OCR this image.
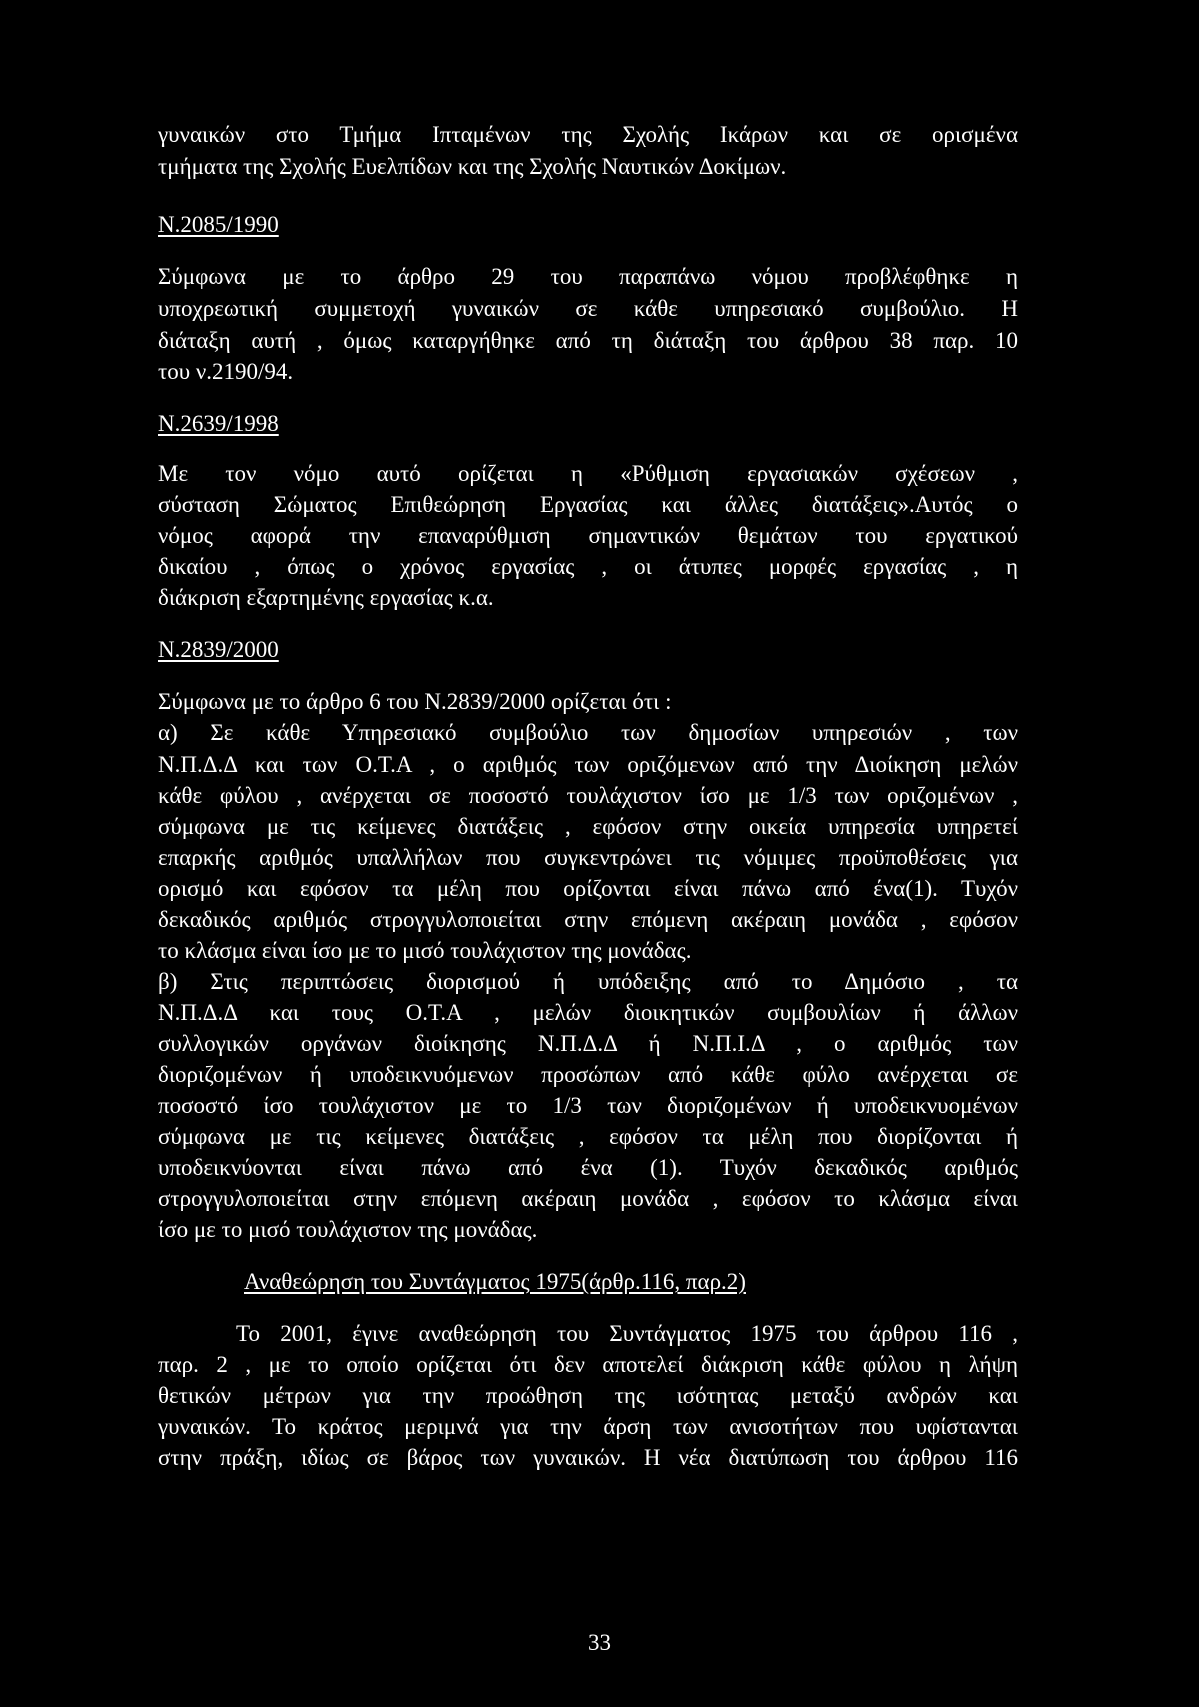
γυναικών στο Τμήμα Ιπταμένων της Σχολής Ικάρων και σε ορισμένα
τμήματα της Σχολής Ευελπίδων και της Σχολής Ναυτικών Δοκίμων.
Ν.2085/1990
Σύμφωνα με το άρθρο 29 του παραπάνω νόμου προβλέφθηκε η
υποχρεωτική συμμετοχή γυναικών σε κάθε υπηρεσιακό συμβούλιο. Η
διάταξη αυτή , όμως καταργήθηκε από τη διάταξη του άρθρου 38 παρ. 10
του ν.2190/94.
Ν.2639/1998
Με τον νόμο αυτό ορίζεται η «Ρύθμιση εργασιακών σχέσεων ,
σύσταση Σώματος Επιθεώρηση Εργασίας και άλλες διατάξεις».Αυτός ο
νόμος αφορά την επαναρύθμιση σημαντικών θεμάτων του εργατικού
δικαίου , όπως ο χρόνος εργασίας , οι άτυπες μορφές εργασίας , η
διάκριση εξαρτημένης εργασίας κ.α.
Ν.2839/2000
Σύμφωνα με το άρθρο 6 του Ν.2839/2000 ορίζεται ότι :
α) Σε κάθε Υπηρεσιακό συμβούλιο των δημοσίων υπηρεσιών , των
Ν.Π.Δ.Δ και των Ο.Τ.Α , ο αριθμός των οριζόμενων από την Διοίκηση μελών
κάθε φύλου , ανέρχεται σε ποσοστό τουλάχιστον ίσο με 1/3 των οριζομένων ,
σύμφωνα με τις κείμενες διατάξεις , εφόσον στην οικεία υπηρεσία υπηρετεί
επαρκής αριθμός υπαλλήλων που συγκεντρώνει τις νόμιμες προϋποθέσεις για
ορισμό και εφόσον τα μέλη που ορίζονται είναι πάνω από ένα(1). Τυχόν
δεκαδικός αριθμός στρογγυλοποιείται στην επόμενη ακέραιη μονάδα , εφόσον
το κλάσμα είναι ίσο με το μισό τουλάχιστον της μονάδας.
β) Στις περιπτώσεις διορισμού ή υπόδειξης από το Δημόσιο , τα
Ν.Π.Δ.Δ και τους Ο.Τ.Α , μελών διοικητικών συμβουλίων ή άλλων
συλλογικών οργάνων διοίκησης Ν.Π.Δ.Δ ή Ν.Π.Ι.Δ , ο αριθμός των
διοριζομένων ή υποδεικνυόμενων προσώπων από κάθε φύλο ανέρχεται σε
ποσοστό ίσο τουλάχιστον με το 1/3 των διοριζομένων ή υποδεικνυομένων
σύμφωνα με τις κείμενες διατάξεις , εφόσον τα μέλη που διορίζονται ή
υποδεικνύονται είναι πάνω από ένα (1). Τυχόν δεκαδικός αριθμός
στρογγυλοποιείται στην επόμενη ακέραιη μονάδα , εφόσον το κλάσμα είναι
ίσο με το μισό τουλάχιστον της μονάδας.
Αναθεώρηση του Συντάγματος 1975(άρθρ.116, παρ.2)
Το 2001, έγινε αναθεώρηση του Συντάγματος 1975 του άρθρου 116 ,
παρ. 2 , με το οποίο ορίζεται ότι δεν αποτελεί διάκριση κάθε φύλου η λήψη
θετικών μέτρων για την προώθηση της ισότητας μεταξύ ανδρών και
γυναικών. Το κράτος μεριμνά για την άρση των ανισοτήτων που υφίστανται
στην πράξη, ιδίως σε βάρος των γυναικών. Η νέα διατύπωση του άρθρου 116
33
